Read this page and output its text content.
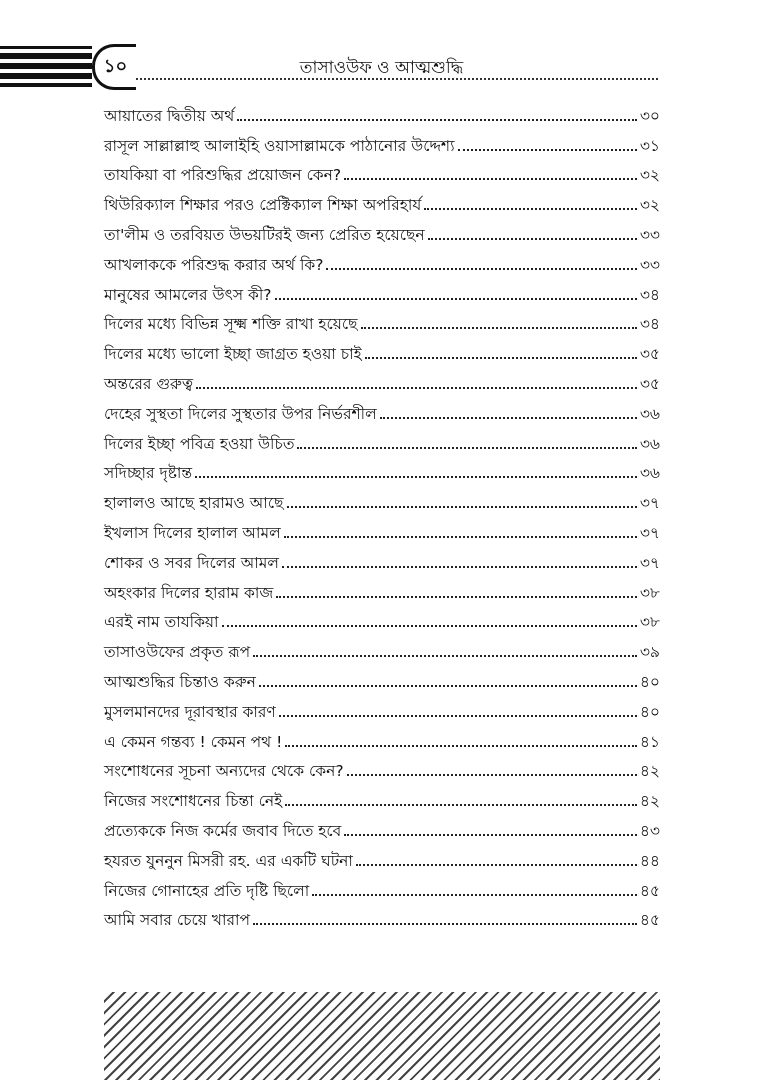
১০	তাসাওউফ ও আত্মশুদ্ধি
আয়াতের দ্বিতীয় অর্থ	৩০
রাসূল সাল্লাল্লাহু আলাইহি ওয়াসাল্লামকে পাঠানোর উদ্দেশ্য	৩১
তাযকিয়া বা পরিশুদ্ধির প্রয়োজন কেন?	৩২
থিউরিক্যাল শিক্ষার পরও প্রেক্টিক্যাল শিক্ষা অপরিহার্য	৩২
তা'লীম ও তরবিয়ত উভয়টিরই জন্য প্রেরিত হয়েছেন	৩৩
আখলাককে পরিশুদ্ধ করার অর্থ কি?	৩৩
মানুষের আমলের উৎস কী?	৩৪
দিলের মধ্যে বিভিন্ন সূক্ষ্ম শক্তি রাখা হয়েছে	৩৪
দিলের মধ্যে ভালো ইচ্ছা জাগ্রত হওয়া চাই	৩৫
অন্তরের গুরুত্ব	৩৫
দেহের সুস্থতা দিলের সুস্থতার উপর নির্ভরশীল	৩৬
দিলের ইচ্ছা পবিত্র হওয়া উচিত	৩৬
সদিচ্ছার দৃষ্টান্ত	৩৬
হালালও আছে হারামও আছে	৩৭
ইখলাস দিলের হালাল আমল	৩৭
শোকর ও সবর দিলের আমল	৩৭
অহংকার দিলের হারাম কাজ	৩৮
এরই নাম তাযকিয়া	৩৮
তাসাওউফের প্রকৃত রূপ	৩৯
আত্মশুদ্ধির চিন্তাও করুন	৪০
মুসলমানদের দূরাবস্থার কারণ	৪০
এ কেমন গন্তব্য ! কেমন পথ !	৪১
সংশোধনের সূচনা অন্যদের থেকে কেন?	৪২
নিজের সংশোধনের চিন্তা নেই	৪২
প্রত্যেককে নিজ কর্মের জবাব দিতে হবে	৪৩
হযরত যুননুন মিসরী রহ. এর একটি ঘটনা	৪৪
নিজের গোনাহের প্রতি দৃষ্টি ছিলো	৪৫
আমি সবার চেয়ে খারাপ	৪৫
